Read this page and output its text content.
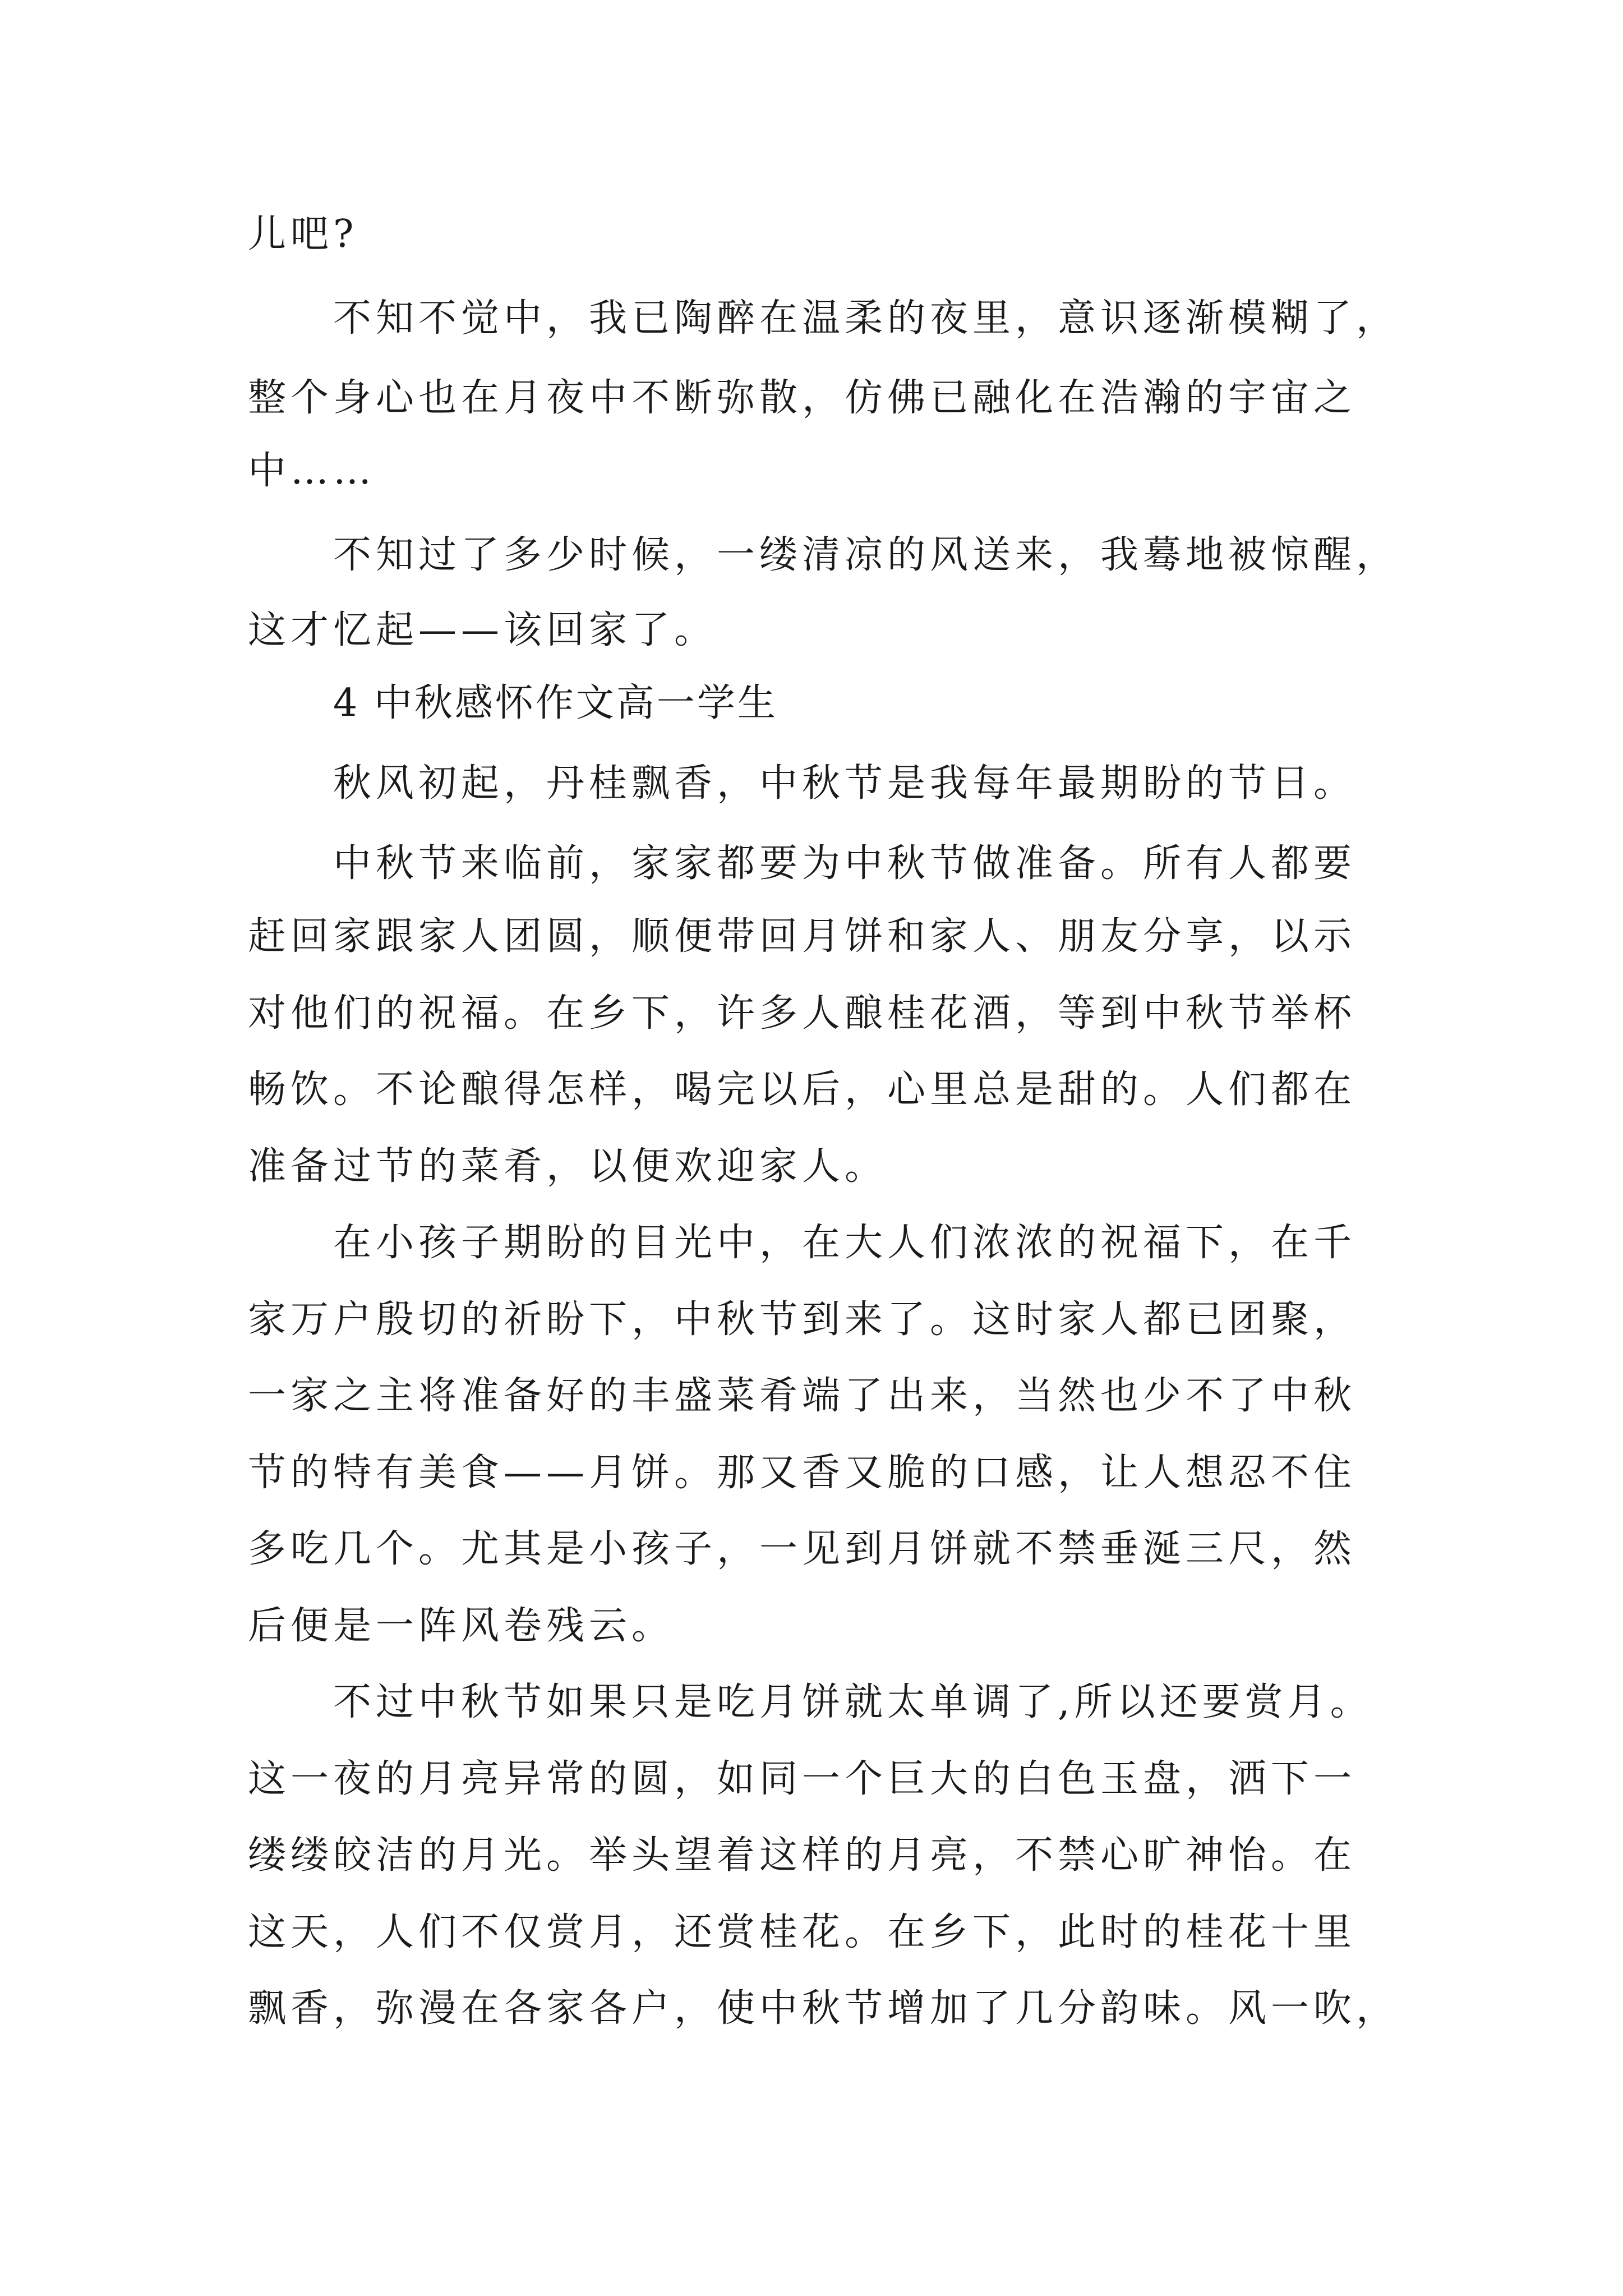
儿吧?
不知不觉中，我已陶醉在温柔的夜里，意识逐渐模糊了，
整个身心也在月夜中不断弥散，仿佛已融化在浩瀚的宇宙之
中……
不知过了多少时候，一缕清凉的风送来，我蓦地被惊醒，
这才忆起——该回家了。
4 中秋感怀作文高一学生
秋风初起，丹桂飘香，中秋节是我每年最期盼的节日。
中秋节来临前，家家都要为中秋节做准备。所有人都要
赶回家跟家人团圆，顺便带回月饼和家人、朋友分享，以示
对他们的祝福。在乡下，许多人酿桂花酒，等到中秋节举杯
畅饮。不论酿得怎样，喝完以后，心里总是甜的。人们都在
准备过节的菜肴，以便欢迎家人。
在小孩子期盼的目光中，在大人们浓浓的祝福下，在千
家万户殷切的祈盼下，中秋节到来了。这时家人都已团聚，
一家之主将准备好的丰盛菜肴端了出来，当然也少不了中秋
节的特有美食——月饼。那又香又脆的口感，让人想忍不住
多吃几个。尤其是小孩子，一见到月饼就不禁垂涎三尺，然
后便是一阵风卷残云。
不过中秋节如果只是吃月饼就太单调了,所以还要赏月。
这一夜的月亮异常的圆，如同一个巨大的白色玉盘，洒下一
缕缕皎洁的月光。举头望着这样的月亮，不禁心旷神怡。在
这天，人们不仅赏月，还赏桂花。在乡下，此时的桂花十里
飘香，弥漫在各家各户，使中秋节增加了几分韵味。风一吹，
